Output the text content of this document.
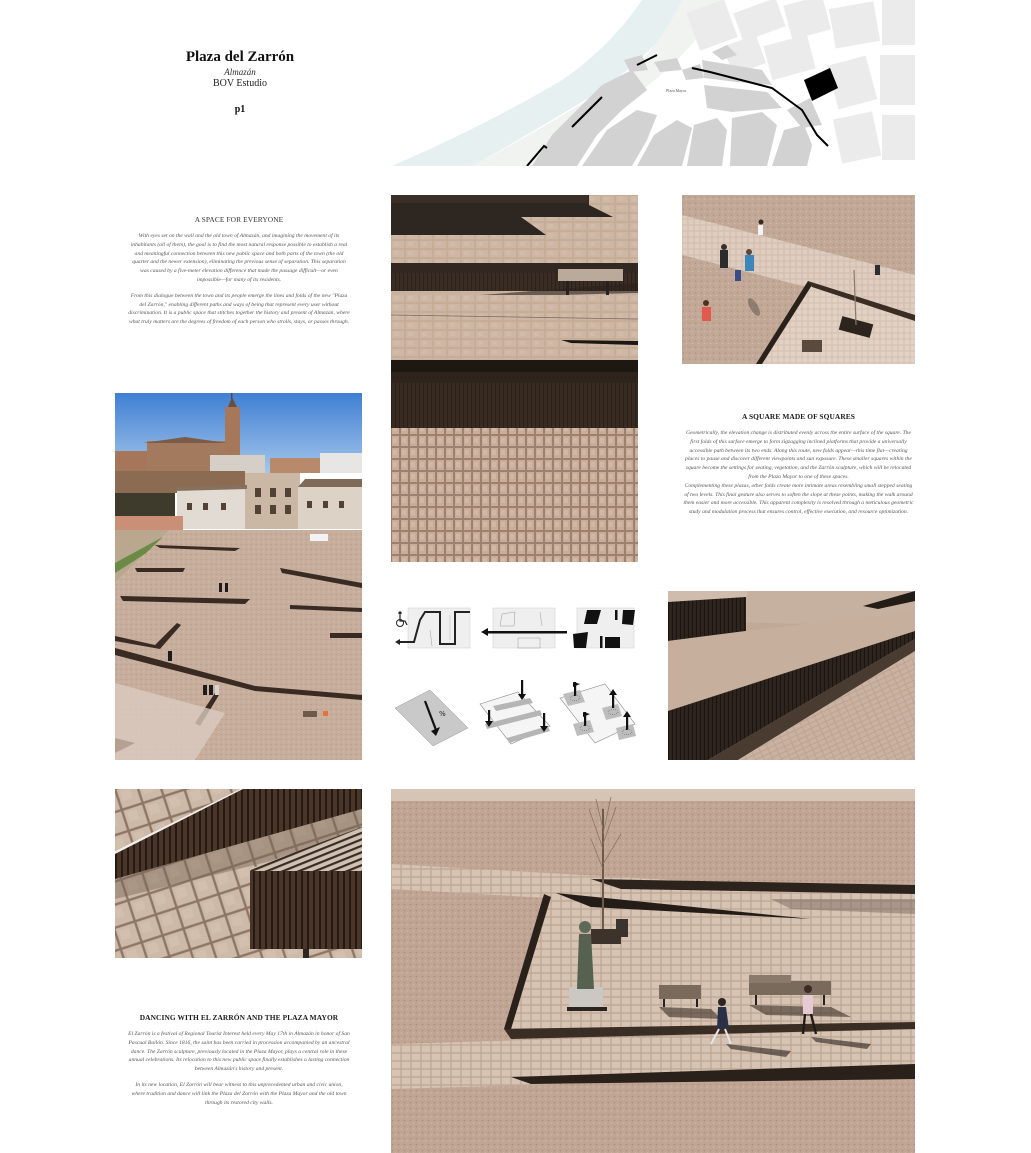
Plaza del Zarrón
Almazán
BOV Estudio
p1
Plaza Mayor
A SPACE FOR EVERYONE

With eyes set on the wall and the old town of Almazán, and imagining the movement of its inhabitants (all of them), the goal is to find the most natural response possible to establish a real and meaningful connection between this new public space and both parts of the town (the old quarter and the newer extension), eliminating the previous sense of separation. This separation was caused by a five-meter elevation difference that made the passage difficult—or even impossible—for many of its residents.

From this dialogue between the town and its people emerge the lines and folds of the new "Plaza del Zarrón," enabling different paths and ways of being that represent every user without discrimination. It is a public space that stitches together the history and present of Almazán, where what truly matters are the degrees of freedom of each person who strolls, stays, or passes through.

A SQUARE MADE OF SQUARES

Geometrically, the elevation change is distributed evenly across the entire surface of the square. The first folds of this surface emerge to form zigzagging inclined platforms that provide a universally accessible path between its two ends. Along this route, new folds appear—this time flat—creating places to pause and discover different viewpoints and sun exposure. These smaller squares within the square become the settings for seating, vegetation, and the Zarrón sculpture, which will be relocated from the Plaza Mayor to one of these spaces.

Complementing these plazas, other folds create more intimate areas resembling small stepped seating of two levels. This final gesture also serves to soften the slope at these points, making the walk around them easier and more accessible. This apparent complexity is resolved through a meticulous geometric study and modulation process that ensures control, effective execution, and resource optimization.

%
DANCING WITH EL ZARRÓN AND THE PLAZA MAYOR

El Zarrón is a festival of Regional Tourist Interest held every May 17th in Almazán in honor of San Pascual Bailón. Since 1816, the saint has been carried in procession accompanied by an ancestral dance. The Zarrón sculpture, previously located in the Plaza Mayor, plays a central role in these annual celebrations. Its relocation to this new public space finally establishes a lasting connection between Almazán's history and present.

In its new location, El Zarrón will bear witness to this unprecedented urban and civic union, where tradition and dance will link the Plaza del Zarrón with the Plaza Mayor and the old town through its restored city walls.
